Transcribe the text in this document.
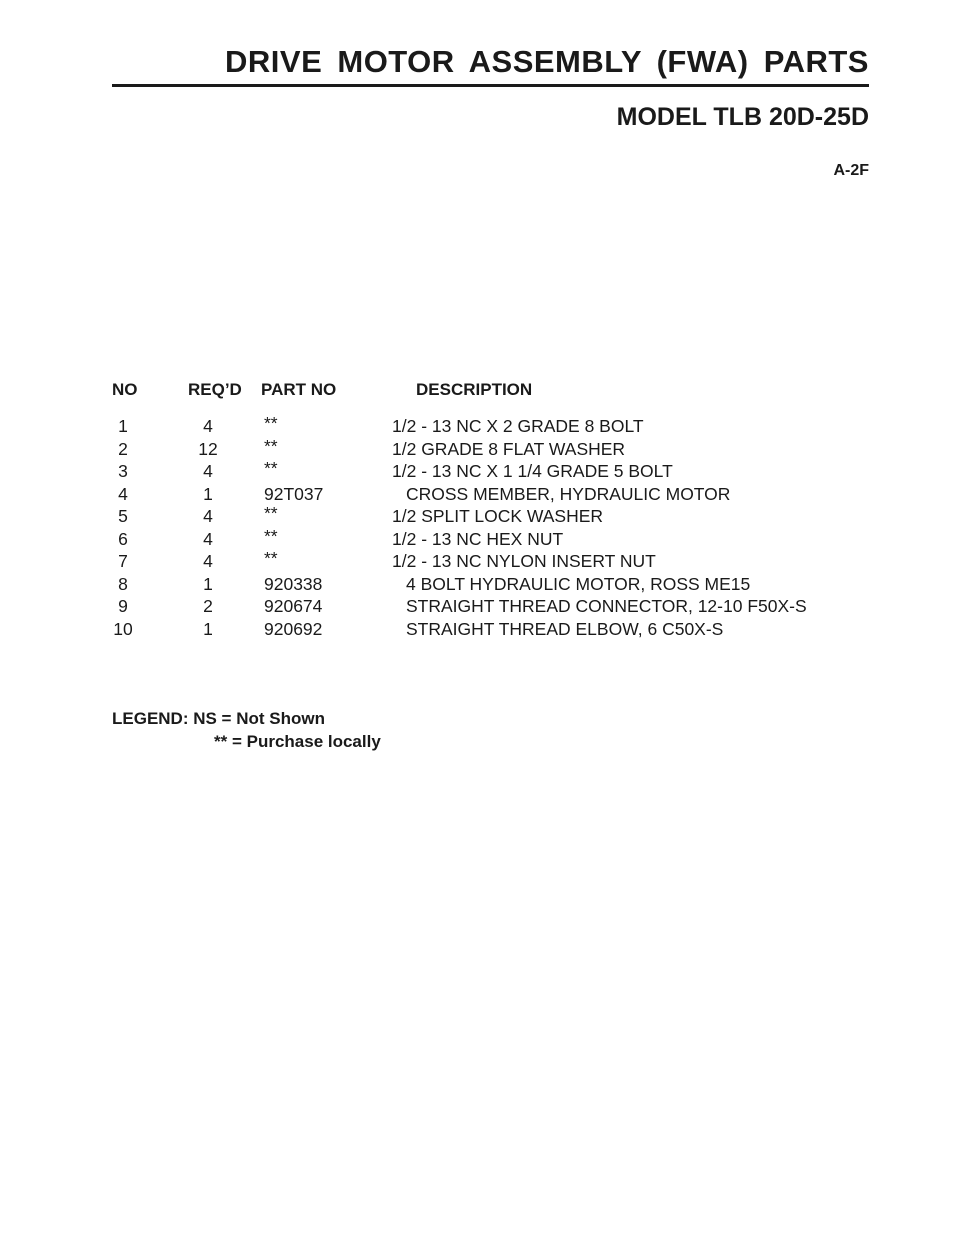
DRIVE MOTOR ASSEMBLY (FWA) PARTS
MODEL TLB 20D-25D
A-2F
NO	REQ’D PART NO	DESCRIPTION
1	4	**	1/2 - 13 NC X 2 GRADE 8 BOLT
2	12	**	1/2 GRADE 8 FLAT WASHER
3	4	**	1/2 - 13 NC X 1 1/4 GRADE 5 BOLT
4	1	92T037	CROSS MEMBER, HYDRAULIC MOTOR
5	4	**	1/2 SPLIT LOCK WASHER
6	4	**	1/2 - 13 NC HEX NUT
7	4	**	1/2 - 13 NC NYLON INSERT NUT
8	1	920338	4 BOLT HYDRAULIC MOTOR, ROSS ME15
9	2	920674	STRAIGHT THREAD CONNECTOR, 12-10 F50X-S
10	1	920692	STRAIGHT THREAD ELBOW, 6 C50X-S
LEGEND: NS = Not Shown
** = Purchase locally
